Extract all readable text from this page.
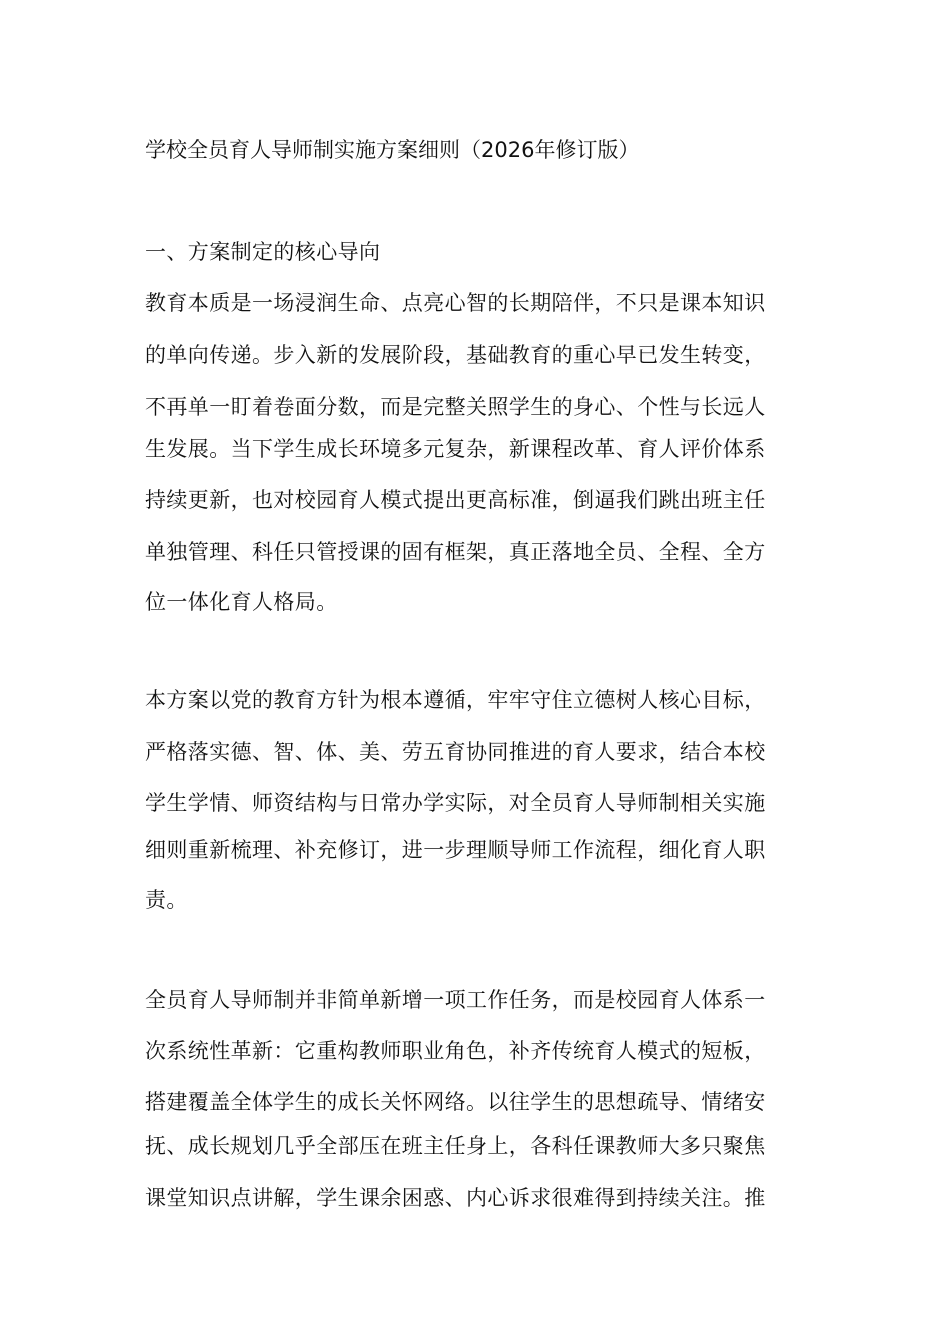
学校全员育人导师制实施方案细则（2026年修订版）
一、方案制定的核心导向
教育本质是一场浸润生命、点亮心智的长期陪伴，不只是课本知识
的单向传递。步入新的发展阶段，基础教育的重心早已发生转变，
不再单一盯着卷面分数，而是完整关照学生的身心、个性与长远人
生发展。当下学生成长环境多元复杂，新课程改革、育人评价体系
持续更新，也对校园育人模式提出更高标准，倒逼我们跳出班主任
单独管理、科任只管授课的固有框架，真正落地全员、全程、全方
位一体化育人格局。
本方案以党的教育方针为根本遵循，牢牢守住立德树人核心目标，
严格落实德、智、体、美、劳五育协同推进的育人要求，结合本校
学生学情、师资结构与日常办学实际，对全员育人导师制相关实施
细则重新梳理、补充修订，进一步理顺导师工作流程，细化育人职
责。
全员育人导师制并非简单新增一项工作任务，而是校园育人体系一
次系统性革新：它重构教师职业角色，补齐传统育人模式的短板，
搭建覆盖全体学生的成长关怀网络。以往学生的思想疏导、情绪安
抚、成长规划几乎全部压在班主任身上，各科任课教师大多只聚焦
课堂知识点讲解，学生课余困惑、内心诉求很难得到持续关注。推
